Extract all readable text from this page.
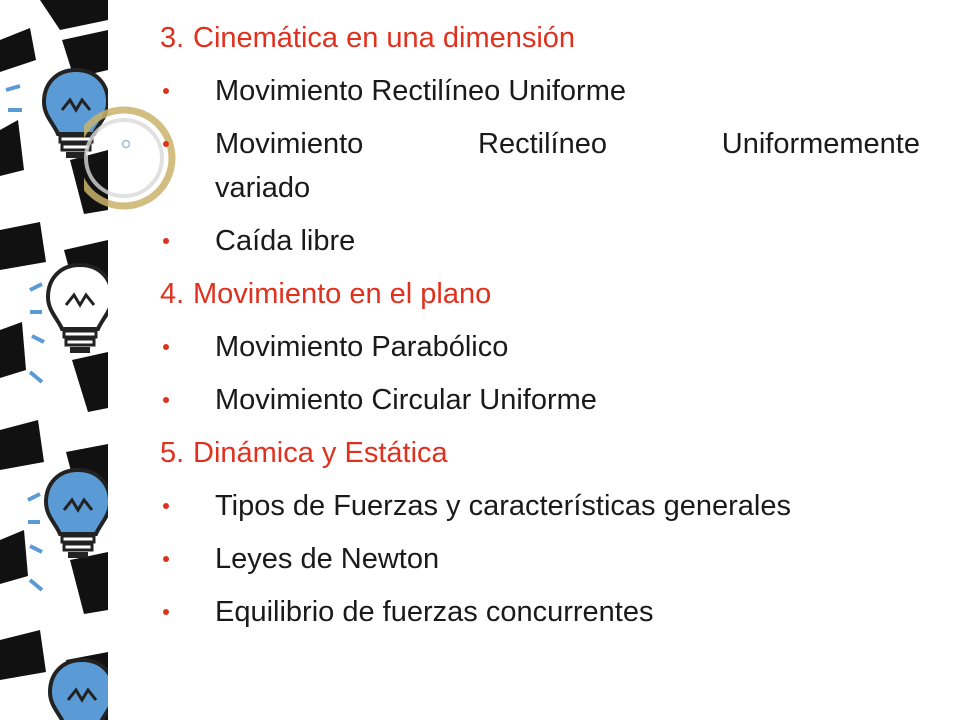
3. Cinemática en una dimensión
Movimiento Rectilíneo Uniforme
Movimiento	Rectilíneo	Uniformemente
variado
Caída libre
4. Movimiento en el plano
Movimiento Parabólico
Movimiento Circular Uniforme
5. Dinámica y Estática
Tipos de Fuerzas y características generales
Leyes de Newton
Equilibrio de fuerzas concurrentes
